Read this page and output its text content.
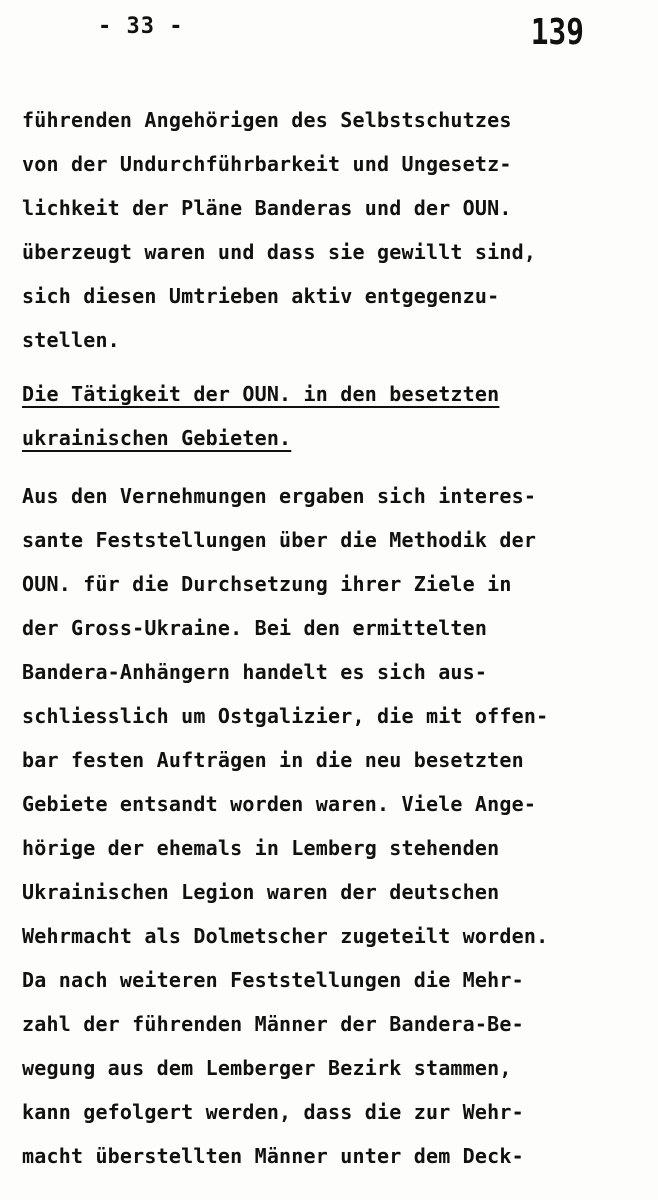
- 33 -	139
führenden Angehörigen des Selbstschutzes
von der Undurchführbarkeit und Ungesetz-
lichkeit der Pläne Banderas und der OUN.
überzeugt waren und dass sie gewillt sind,
sich diesen Umtrieben aktiv entgegenzu-
stellen.
Die Tätigkeit der OUN. in den besetzten
ukrainischen Gebieten.
Aus den Vernehmungen ergaben sich interes-
sante Feststellungen über die Methodik der
OUN. für die Durchsetzung ihrer Ziele in
der Gross-Ukraine. Bei den ermittelten
Bandera-Anhängern handelt es sich aus-
schliesslich um Ostgalizier, die mit offen-
bar festen Aufträgen in die neu besetzten
Gebiete entsandt worden waren. Viele Ange-
hörige der ehemals in Lemberg stehenden
Ukrainischen Legion waren der deutschen
Wehrmacht als Dolmetscher zugeteilt worden.
Da nach weiteren Feststellungen die Mehr-
zahl der führenden Männer der Bandera-Be-
wegung aus dem Lemberger Bezirk stammen,
kann gefolgert werden, dass die zur Wehr-
macht überstellten Männer unter dem Deck-
